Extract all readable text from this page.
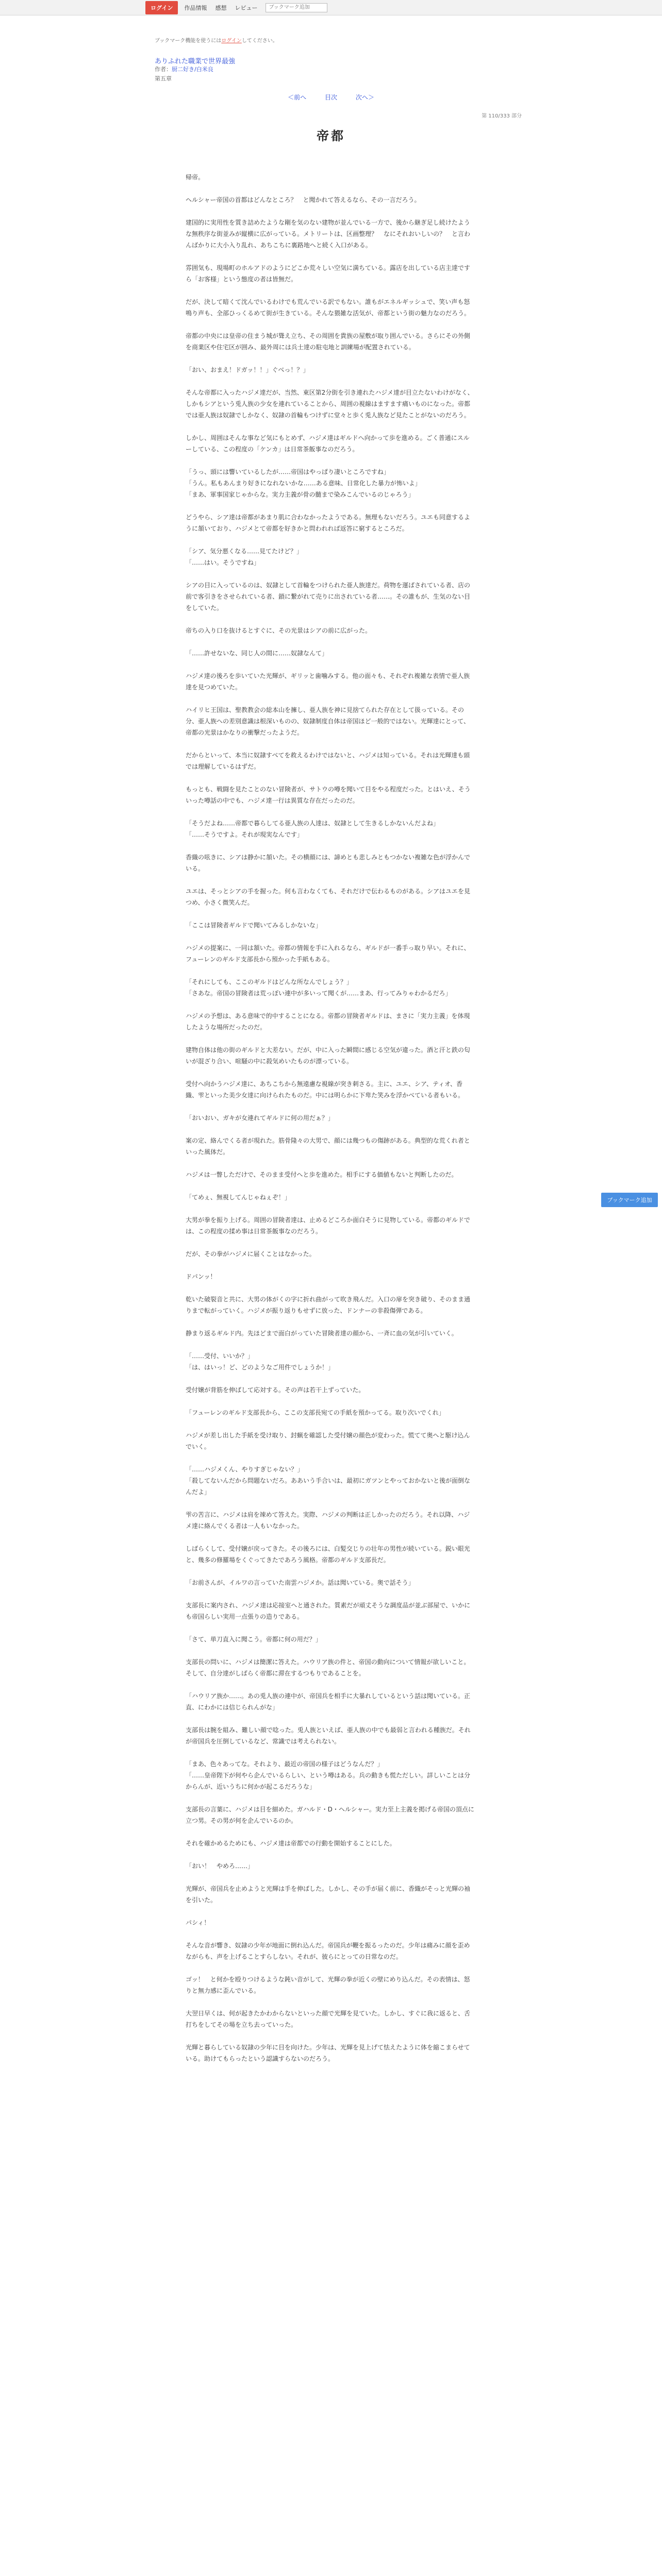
ログイン	作品情報 感想 レビュー
ブックマーク追加
ブックマーク機能を使うにはログインしてください。
ありふれた職業で世界最強
作者：厨二好き/白米良
第五章
＜前へ	目次	次へ＞
第 110/333 部分
帝都

帰帝。

ヘルシャー帝国の首都はどんなところ？　と聞かれて答えるなら、その一言だろう。

建国的に実用性を質き詰めたような剛を気のない建物が並んでいる一方で、後から継ぎ足し続けたような無秩序な街並みが縦横に広がっている。メトリートは、区画整理？　なにそれおいしいの？　と言わんばかりに大小入り乱れ、あちこちに裏路地へと続く入口がある。

雰囲気も、現場町のホルアドのようにどこか荒々しい空気に満ちている。露店を出している店主達ですら「お客様」という態度の者は皆無だ。

だが、決して暗くて沈んでいるわけでも荒んでいる訳でもない。誰もがエネルギッシュで、笑い声も怒鳴り声も、全部ひっくるめて街が生きている。そんな猥雑な活気が、帝都という街の魅力なのだろう。

帝都の中央には皇帝の住まう城が聳え立ち、その周囲を貴族の屋敷が取り囲んでいる。さらにその外側を商業区や住宅区が囲み、最外周には兵士達の駐屯地と訓練場が配置されている。

「おい、おまえ！ドガッ！！」ぐべっ！？」

そんな帝都に入ったハジメ達だが、当然、東区第2分街を引き連れたハジメ達が目立たないわけがなく、しかもシアという兎人族の少女を連れていることから、周囲の視線はますます痛いものになった。帝都では亜人族は奴隷でしかなく、奴隷の首輪もつけずに堂々と歩く兎人族など見たことがないのだろう。

しかし、周囲はそんな事など気にもとめず、ハジメ達はギルドへ向かって歩を進める。ごく普通にスルーしている、この程度の「ケンカ」は日常茶飯事なのだろう。

「うっ、頭には響いているしたが……帝国はやっぱり凄いところですね」
「うん。私もあんまり好きになれないかな……ある意味、日常化した暴力が怖いよ」
「まあ、軍事国家じゃからな。実力主義が骨の髄まで染みこんでいるのじゃろう」

どうやら、シア達は帝都があまり肌に合わなかったようである。無理もないだろう。ユエも同意するように頷いており、ハジメとて帝都を好きかと問われれば返答に窮するところだ。

「シア、気分悪くなる……見てたけど？」
「……はい。そうですね」

シアの目に入っているのは、奴隷として首輪をつけられた亜人族達だ。荷物を運ばされている者、店の前で客引きをさせられている者、鎖に繋がれて売りに出されている者……。その誰もが、生気のない目をしていた。

帝ちの入り口を抜けるとすぐに、その光景はシアの前に広がった。

「……許せないな、同じ人の間に……奴隷なんて」

ハジメ達の後ろを歩いていた光輝が、ギリッと歯噛みする。他の面々も、それぞれ複雑な表情で亜人族達を見つめていた。

ハイリヒ王国は、聖教教会の総本山を擁し、亜人族を神に見捨てられた存在として扱っている。その分、亜人族への差別意識は根深いものの、奴隷制度自体は帝国ほど一般的ではない。光輝達にとって、帝都の光景はかなりの衝撃だったようだ。

だからといって、本当に奴隷すべてを救えるわけではないと、ハジメは知っている。それは光輝達も頭では理解しているはずだ。

もっとも、戦闘を見たことのない冒険者が、サトウの噂を聞いて目をやる程度だった。とはいえ、そういった噂話の中でも、ハジメ達一行は異質な存在だったのだ。

「そうだよね……帝都で暮らしてる亜人族の人達は、奴隷として生きるしかないんだよね」
「……そうですよ。それが現実なんです」

香織の呟きに、シアは静かに頷いた。その横顔には、諦めとも悲しみともつかない複雑な色が浮かんでいる。

ユエは、そっとシアの手を握った。何も言わなくても、それだけで伝わるものがある。シアはユエを見つめ、小さく微笑んだ。

「ここは冒険者ギルドで聞いてみるしかないな」

ハジメの提案に、一同は頷いた。帝都の情報を手に入れるなら、ギルドが一番手っ取り早い。それに、フューレンのギルド支部長から預かった手紙もある。

「それにしても、ここのギルドはどんな所なんでしょう？」
「さあな。帝国の冒険者は荒っぽい連中が多いって聞くが……まあ、行ってみりゃわかるだろ」

ハジメの予想は、ある意味で的中することになる。帝都の冒険者ギルドは、まさに「実力主義」を体現したような場所だったのだ。

建物自体は他の街のギルドと大差ない。だが、中に入った瞬間に感じる空気が違った。酒と汗と鉄の匂いが混ざり合い、喧騒の中に殺気めいたものが漂っている。

受付へ向かうハジメ達に、あちこちから無遠慮な視線が突き刺さる。主に、ユエ、シア、ティオ、香織、雫といった美少女達に向けられたものだ。中には明らかに下卑た笑みを浮かべている者もいる。

「おいおい、ガキが女連れてギルドに何の用だぁ？」

案の定、絡んでくる者が現れた。筋骨隆々の大男で、顔には幾つもの傷跡がある。典型的な荒くれ者といった風体だ。

ハジメは一瞥しただけで、そのまま受付へと歩を進めた。相手にする価値もないと判断したのだ。

「てめぇ、無視してんじゃねぇぞ！」

大男が拳を振り上げる。周囲の冒険者達は、止めるどころか面白そうに見物している。帝都のギルドでは、この程度の揉め事は日常茶飯事なのだろう。

だが、その拳がハジメに届くことはなかった。

ドパンッ！

乾いた破裂音と共に、大男の体がくの字に折れ曲がって吹き飛んだ。入口の扉を突き破り、そのまま通りまで転がっていく。ハジメが振り返りもせずに放った、ドンナーの非殺傷弾である。

静まり返るギルド内。先ほどまで面白がっていた冒険者達の顔から、一斉に血の気が引いていく。

「……受付、いいか？」
「は、はいっ！ど、どのようなご用件でしょうか！」

受付嬢が背筋を伸ばして応対する。その声は若干上ずっていた。

「フューレンのギルド支部長から、ここの支部長宛ての手紙を預かってる。取り次いでくれ」

ハジメが差し出した手紙を受け取り、封蝋を確認した受付嬢の顔色が変わった。慌てて奥へと駆け込んでいく。

「……ハジメくん、やりすぎじゃない？」
「殺してないんだから問題ないだろ。ああいう手合いは、最初にガツンとやっておかないと後が面倒なんだよ」

雫の苦言に、ハジメは肩を竦めて答えた。実際、ハジメの判断は正しかったのだろう。それ以降、ハジメ達に絡んでくる者は一人もいなかった。

しばらくして、受付嬢が戻ってきた。その後ろには、白髪交じりの壮年の男性が続いている。鋭い眼光と、幾多の修羅場をくぐってきたであろう風格。帝都のギルド支部長だ。

「お前さんが、イルワの言っていた南雲ハジメか。話は聞いている。奥で話そう」

支部長に案内され、ハジメ達は応接室へと通された。質素だが頑丈そうな調度品が並ぶ部屋で、いかにも帝国らしい実用一点張りの造りである。

「さて、単刀直入に聞こう。帝都に何の用だ？」

支部長の問いに、ハジメは簡潔に答えた。ハウリア族の件と、帝国の動向について情報が欲しいこと。そして、自分達がしばらく帝都に滞在するつもりであることを。

「ハウリア族か……。あの兎人族の連中が、帝国兵を相手に大暴れしているという話は聞いている。正直、にわかには信じられんがな」

支部長は腕を組み、難しい顔で唸った。兎人族といえば、亜人族の中でも最弱と言われる種族だ。それが帝国兵を圧倒しているなど、常識では考えられない。

「まあ、色々あってな。それより、最近の帝国の様子はどうなんだ？」
「……皇帝陛下が何やら企んでいるらしい、という噂はある。兵の動きも慌ただしい。詳しいことは分からんが、近いうちに何かが起こるだろうな」

支部長の言葉に、ハジメは目を細めた。ガハルド・D・ヘルシャー。実力至上主義を掲げる帝国の頂点に立つ男。その男が何を企んでいるのか。

それを確かめるためにも、ハジメ達は帝都での行動を開始することにした。

「おい！　やめろ……」

光輝が、帝国兵を止めようと光輝は手を伸ばした。しかし、その手が届く前に、香織がそっと光輝の袖を引いた。

パシィ！

そんな音が響き、奴隷の少年が地面に倒れ込んだ。帝国兵が鞭を振るったのだ。少年は痛みに顔を歪めながらも、声を上げることすらしない。それが、彼らにとっての日常なのだ。

ゴッ！　と何かを殴りつけるような鈍い音がして、光輝の拳が近くの壁にめり込んだ。その表情は、怒りと無力感に歪んでいる。

大翌日早くは、何が起きたかわからないといった顔で光輝を見ていた。しかし、すぐに我に返ると、舌打ちをしてその場を立ち去っていった。

光輝と暮らしている奴隷の少年に目を向けた。少年は、光輝を見上げて怯えたように体を縮こまらせている。助けてもらったという認識すらないのだろう。

ブックマーク追加
